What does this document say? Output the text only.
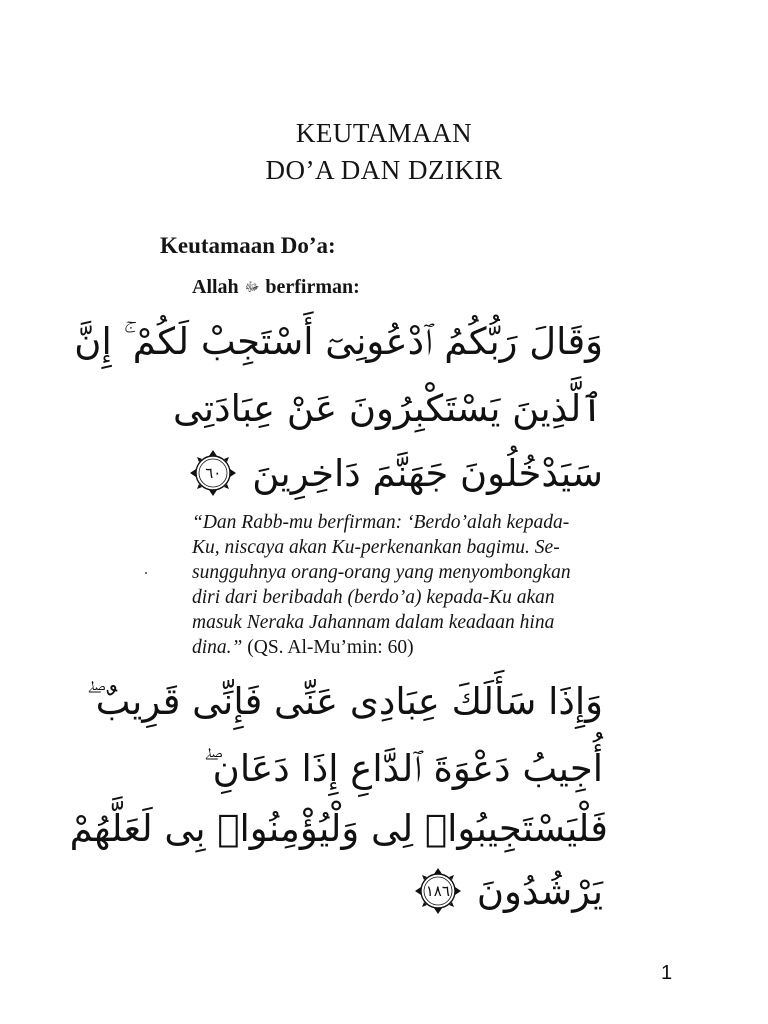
KEUTAMAAN
DO’A DAN DZIKIR
Keutamaan Do’a:
Allah ﷻ berfirman:
وَقَالَ رَبُّكُمُ ٱدْعُونِىٓ أَسْتَجِبْ لَكُمْ ۚ إِنَّ
ٱلَّذِينَ يَسْتَكْبِرُونَ عَنْ عِبَادَتِى
سَيَدْخُلُونَ جَهَنَّمَ دَاخِرِينَ
٦٠
“Dan Rabb-mu berfirman: ‘Berdo’alah kepada-
Ku, niscaya akan Ku-perkenankan bagimu. Se-
sungguhnya orang-orang yang menyombongkan
diri dari beribadah (berdo’a) kepada-Ku akan
masuk Neraka Jahannam dalam keadaan hina
dina.” (QS. Al-Mu’min: 60)
وَإِذَا سَأَلَكَ عِبَادِى عَنِّى فَإِنِّى قَرِيبٌ ۖ
أُجِيبُ دَعْوَةَ ٱلدَّاعِ إِذَا دَعَانِ ۖ
فَلْيَسْتَجِيبُوا۟ لِى وَلْيُؤْمِنُوا۟ بِى لَعَلَّهُمْ
يَرْشُدُونَ
١٨٦
1
